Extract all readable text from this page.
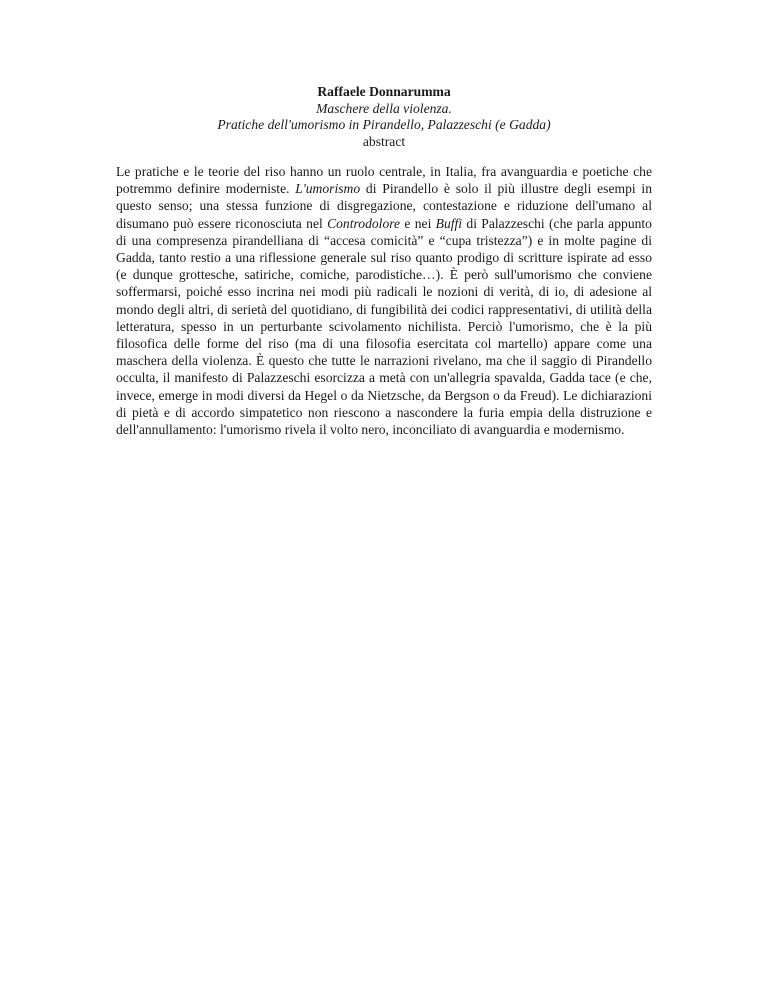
Raffaele Donnarumma
Maschere della violenza.
Pratiche dell'umorismo in Pirandello, Palazzeschi (e Gadda)
abstract

Le pratiche e le teorie del riso hanno un ruolo centrale, in Italia, fra avanguardia e poetiche che potremmo definire moderniste. L'umorismo di Pirandello è solo il più illustre degli esempi in questo senso; una stessa funzione di disgregazione, contestazione e riduzione dell'umano al disumano può essere riconosciuta nel Controdolore e nei Buffi di Palazzeschi (che parla appunto di una compresenza pirandelliana di “accesa comicità” e “cupa tristezza”) e in molte pagine di Gadda, tanto restio a una riflessione generale sul riso quanto prodigo di scritture ispirate ad esso (e dunque grottesche, satiriche, comiche, parodistiche…). È però sull'umorismo che conviene soffermarsi, poiché esso incrina nei modi più radicali le nozioni di verità, di io, di adesione al mondo degli altri, di serietà del quotidiano, di fungibilità dei codici rappresentativi, di utilità della letteratura, spesso in un perturbante scivolamento nichilista. Perciò l'umorismo, che è la più filosofica delle forme del riso (ma di una filosofia esercitata col martello) appare come una maschera della violenza. È questo che tutte le narrazioni rivelano, ma che il saggio di Pirandello occulta, il manifesto di Palazzeschi esorcizza a metà con un'allegria spavalda, Gadda tace (e che, invece, emerge in modi diversi da Hegel o da Nietzsche, da Bergson o da Freud). Le dichiarazioni di pietà e di accordo simpatetico non riescono a nascondere la furia empia della distruzione e dell'annullamento: l'umorismo rivela il volto nero, inconciliato di avanguardia e modernismo.
